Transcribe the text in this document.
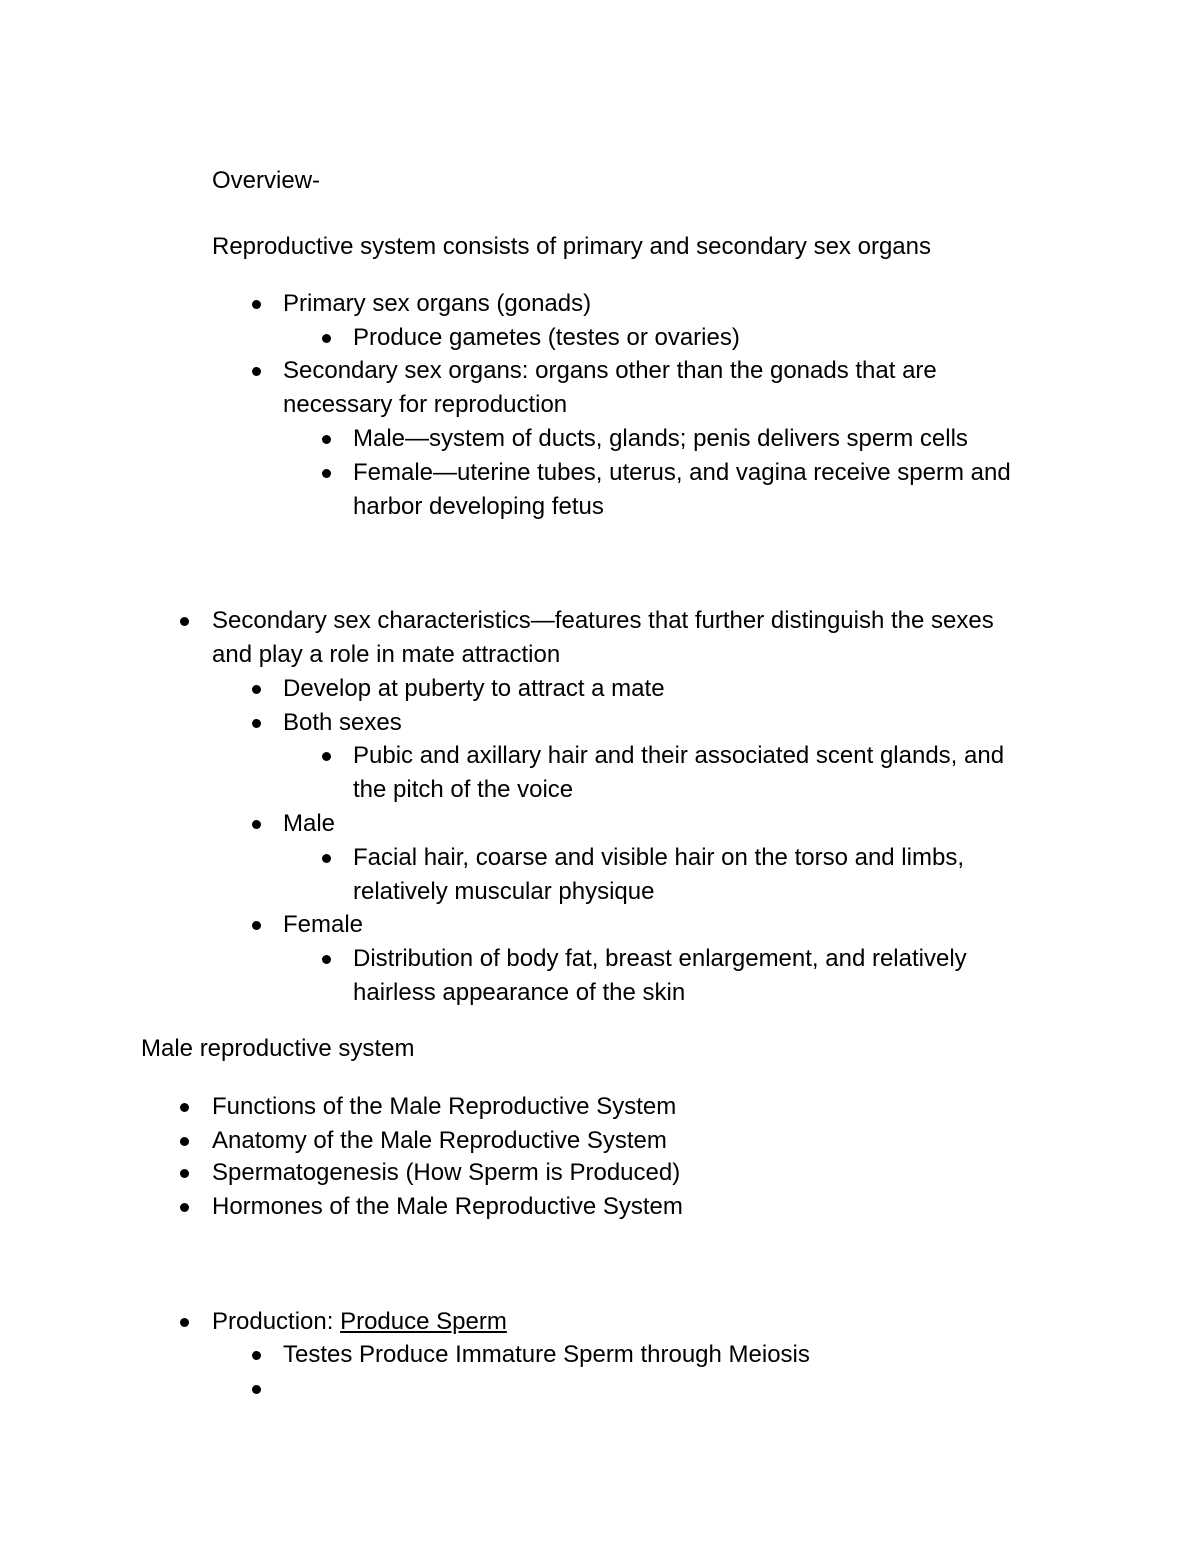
Overview-
Reproductive system consists of primary and secondary sex organs
Primary sex organs (gonads)
Produce gametes (testes or ovaries)
Secondary sex organs: organs other than the gonads that are
necessary for reproduction
Male—system of ducts, glands; penis delivers sperm cells
Female—uterine tubes, uterus, and vagina receive sperm and
harbor developing fetus
Secondary sex characteristics—features that further distinguish the sexes
and play a role in mate attraction
Develop at puberty to attract a mate
Both sexes
Pubic and axillary hair and their associated scent glands, and
the pitch of the voice
Male
Facial hair, coarse and visible hair on the torso and limbs,
relatively muscular physique
Female
Distribution of body fat, breast enlargement, and relatively
hairless appearance of the skin
Male reproductive system
Functions of the Male Reproductive System
Anatomy of the Male Reproductive System
Spermatogenesis (How Sperm is Produced)
Hormones of the Male Reproductive System
Production: Produce Sperm
Testes Produce Immature Sperm through Meiosis
